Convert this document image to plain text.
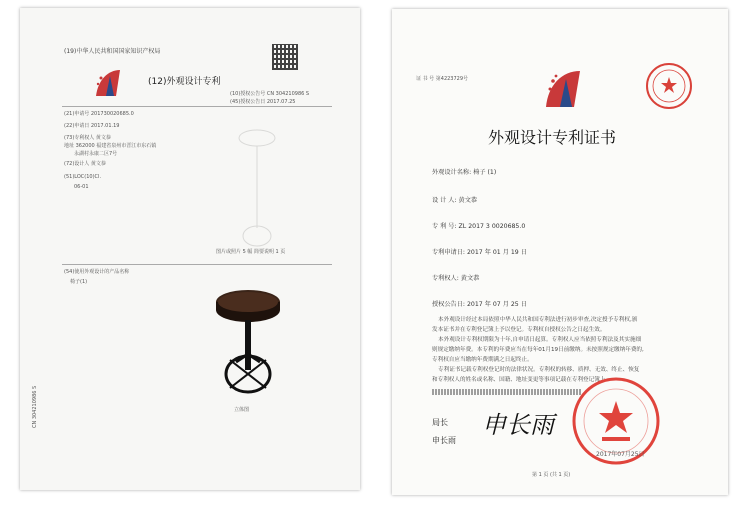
(19)中华人民共和国国家知识产权局
(12)外观设计专利
(10)授权公告号 CN 304210986 S
(45)授权公告日 2017.07.25
(21)申请号 201730020685.0
(22)申请日 2017.01.19
(73)专利权人 黄文恭
地址 362000 福建省泉州市晋江市东石镇
永湖村永康二区7号
(72)设计人 黄文恭
(51)LOC(10)Cl.
06-01
图片或照片 5 幅 简要说明 1 页
(54)使用外观设计的产品名称
椅子(1)
立体图
CN 304210986 S
证 书 号 第4223729号
外观设计专利证书
外观设计名称: 椅子 (1)
设 计 人: 黄文恭
专 利 号: ZL 2017 3 0020685.0
专利申请日: 2017 年 01 月 19 日
专利权人: 黄文恭
授权公告日: 2017 年 07 月 25 日
本外观设计经过本局依照中华人民共和国专利法进行初步审查,决定授予专利权,颁
发本证书并在专利登记簿上予以登记。专利权自授权公告之日起生效。
本外观设计专利权期限为十年,自申请日起算。专利权人应当依照专利法及其实施细
则规定缴纳年费。本专利的年费应当在每年01月19日前缴纳。未按照规定缴纳年费的,
专利权自应当缴纳年费期满之日起终止。
专利证书记载专利权登记时的法律状况。专利权的转移、质押、无效、终止、恢复
和专利权人的姓名或名称、国籍、地址变更等事项记载在专利登记簿上。
局长
申长雨
申长雨
2017年07月25日
第 1 页 (共 1 页)
